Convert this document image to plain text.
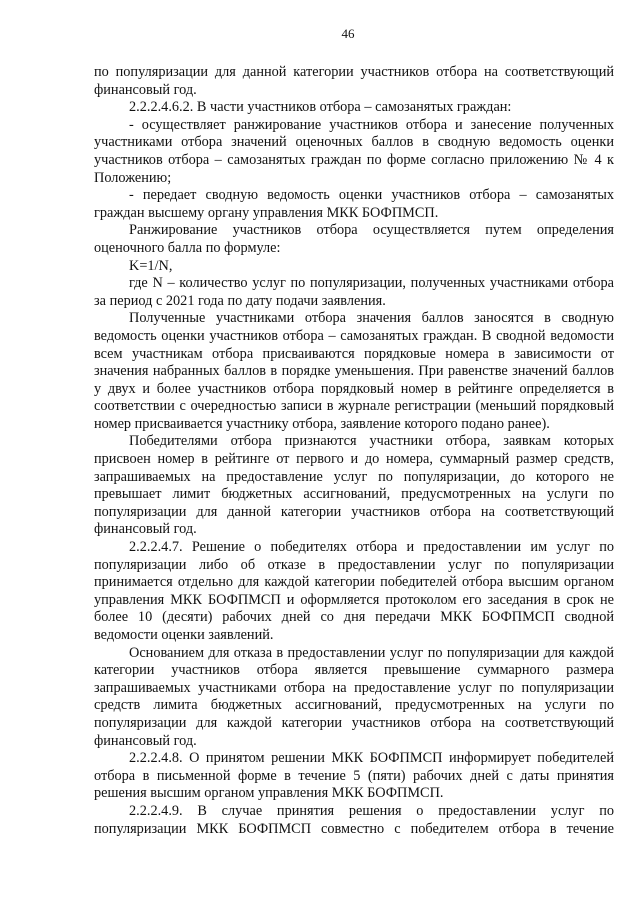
46

по популяризации для данной категории участников отбора на соответствующий финансовый год.

2.2.2.4.6.2. В части участников отбора – самозанятых граждан:

- осуществляет ранжирование участников отбора и занесение полученных участниками отбора значений оценочных баллов в сводную ведомость оценки участников отбора – самозанятых граждан по форме согласно приложению № 4 к Положению;

- передает сводную ведомость оценки участников отбора – самозанятых граждан высшему органу управления МКК БОФПМСП.

Ранжирование участников отбора осуществляется путем определения оценочного балла по формуле:

K=1/N,

где N – количество услуг по популяризации, полученных участниками отбора за период с 2021 года по дату подачи заявления.

Полученные участниками отбора значения баллов заносятся в сводную ведомость оценки участников отбора – самозанятых граждан. В сводной ведомости всем участникам отбора присваиваются порядковые номера в зависимости от значения набранных баллов в порядке уменьшения. При равенстве значений баллов у двух и более участников отбора порядковый номер в рейтинге определяется в соответствии с очередностью записи в журнале регистрации (меньший порядковый номер присваивается участнику отбора, заявление которого подано ранее).

Победителями отбора признаются участники отбора, заявкам которых присвоен номер в рейтинге от первого и до номера, суммарный размер средств, запрашиваемых на предоставление услуг по популяризации, до которого не превышает лимит бюджетных ассигнований, предусмотренных на услуги по популяризации для данной категории участников отбора на соответствующий финансовый год.

2.2.2.4.7. Решение о победителях отбора и предоставлении им услуг по популяризации либо об отказе в предоставлении услуг по популяризации принимается отдельно для каждой категории победителей отбора высшим органом управления МКК БОФПМСП и оформляется протоколом его заседания в срок не более 10 (десяти) рабочих дней со дня передачи МКК БОФПМСП сводной ведомости оценки заявлений.

Основанием для отказа в предоставлении услуг по популяризации для каждой категории участников отбора является превышение суммарного размера запрашиваемых участниками отбора на предоставление услуг по популяризации средств лимита бюджетных ассигнований, предусмотренных на услуги по популяризации для каждой категории участников отбора на соответствующий финансовый год.

2.2.2.4.8. О принятом решении МКК БОФПМСП информирует победителей отбора в письменной форме в течение 5 (пяти) рабочих дней с даты принятия решения высшим органом управления МКК БОФПМСП.

2.2.2.4.9. В случае принятия решения о предоставлении услуг по популяризации МКК БОФПМСП совместно с победителем отбора в течение
